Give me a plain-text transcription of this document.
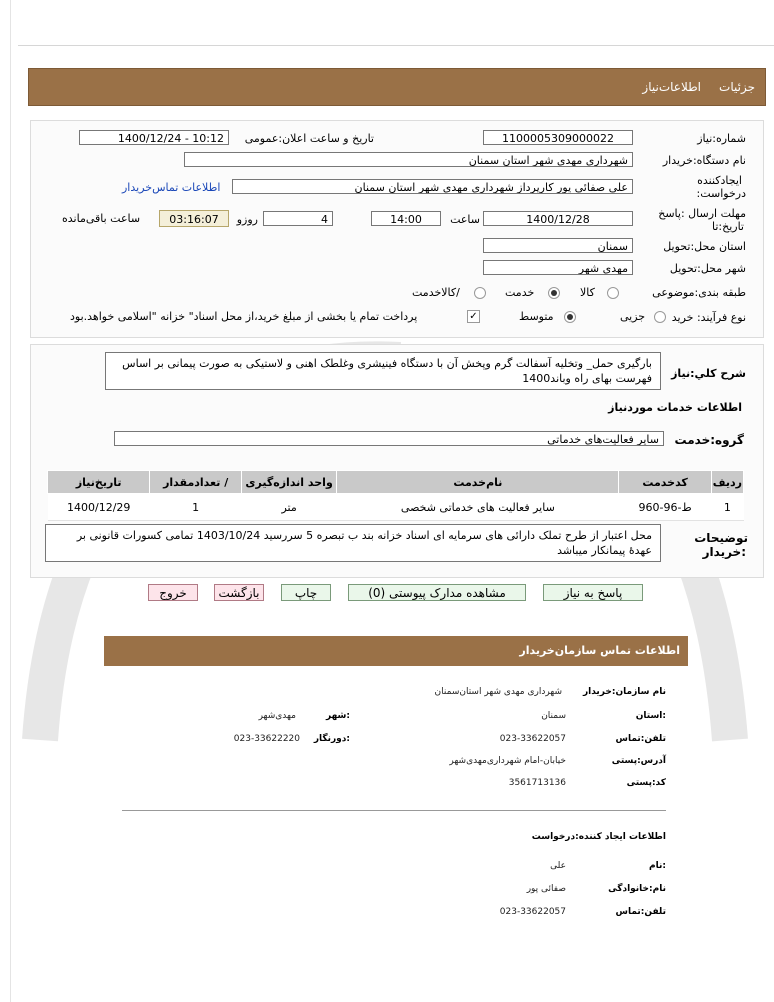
جزئیات
اطلاعات‌نیاز
شماره:نیاز
1100005309000022
تاریخ و ساعت اعلان:عمومی
1400/12/24 - 10:12
نام دستگاه:خریدار
شهرداری مهدی شهر استان سمنان
ایجادکننده
درخواست:
علی صفائی پور کارپرداز شهرداری مهدی شهر استان سمنان
اطلاعات تماس‌خریدار
مهلت ارسال :پاسخ
تاریخ:تا
1400/12/28
ساعت
14:00
4
روزو
03:16:07
ساعت باقی‌مانده
استان محل:تحویل
سمنان
شهر محل:تحویل
مهدی شهر
طبقه بندی:موضوعی
کالا
خدمت
/کالاخدمت
نوع فرآیند: خرید
جزیی
متوسط
✓
پرداخت تمام یا بخشی از مبلغ خرید،از محل اسناد" خزانه "اسلامی خواهد.بود
شرح کلي:نیاز
بارگیری حمل_ وتخلیه آسفالت گرم وپخش آن با دستگاه فینیشری وغلطک اهنی و لاستیکی به صورت پیمانی بر اساس فهرست بهای راه وباند1400
اطلاعات خدمات موردنیاز
گروه:خدمت
سایر فعالیت‌های خدماتی
ردیف	کدخدمت	نام‌خدمت	واحد اندازه‌گیری	/ تعدادمقدار	تاریخ‌نیاز
1	ط-96-960	سایر فعالیت های خدماتی شخصی	متر	1	1400/12/29
توضیحات
:خریدار
محل اعتبار از طرح تملک دارائی های سرمایه ای اسناد خزانه بند ب تبصره 5 سررسید 1403/10/24 تمامی کسورات قانونی بر عهدهٔ پیمانکار میباشد
پاسخ به نیاز
مشاهده مدارک پیوستی (0)
چاپ
بازگشت
خروج
اطلاعات تماس سازمان‌خریدار
نام سازمان:خریدار
شهرداری مهدی شهر استان‌سمنان
:استان
سمنان
:شهر
مهدی‌شهر
تلفن:تماس
023-33622057
:دورنگار
023-33622220
آدرس:پستی
خیابان-امام شهرداری‌مهدی‌شهر
کد:پستی
3561713136
اطلاعات ایجاد کننده:درخواست
:نام
علی
نام:خانوادگی
صفائی پور
تلفن:تماس
023-33622057
